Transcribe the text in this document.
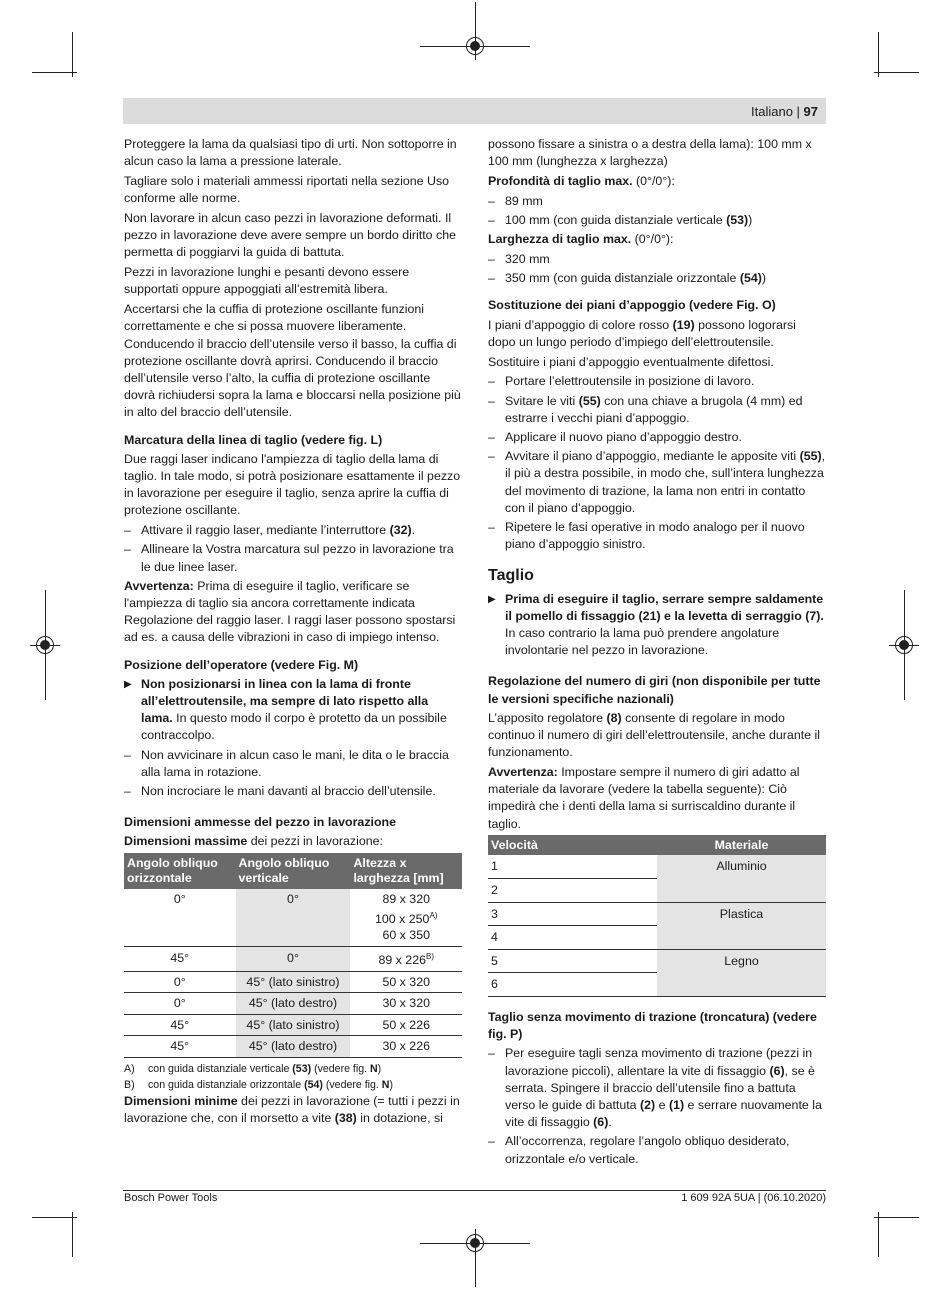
Italiano | 97

Proteggere la lama da qualsiasi tipo di urti. Non sottoporre in alcun caso la lama a pressione laterale.

Tagliare solo i materiali ammessi riportati nella sezione Uso conforme alle norme.

Non lavorare in alcun caso pezzi in lavorazione deformati. Il pezzo in lavorazione deve avere sempre un bordo diritto che permetta di poggiarvi la guida di battuta.

Pezzi in lavorazione lunghi e pesanti devono essere supportati oppure appoggiati all’estremità libera.

Accertarsi che la cuffia di protezione oscillante funzioni correttamente e che si possa muovere liberamente. Conducendo il braccio dell’utensile verso il basso, la cuffia di protezione oscillante dovrà aprirsi. Conducendo il braccio dell’utensile verso l’alto, la cuffia di protezione oscillante dovrà richiudersi sopra la lama e bloccarsi nella posizione più in alto del braccio dell’utensile.

Marcatura della linea di taglio (vedere fig. L)

Due raggi laser indicano l'ampiezza di taglio della lama di taglio. In tale modo, si potrà posizionare esattamente il pezzo in lavorazione per eseguire il taglio, senza aprire la cuffia di protezione oscillante.

– Attivare il raggio laser, mediante l’interruttore (32).
– Allineare la Vostra marcatura sul pezzo in lavorazione tra le due linee laser.

Avvertenza: Prima di eseguire il taglio, verificare se l'ampiezza di taglio sia ancora correttamente indicata Regolazione del raggio laser. I raggi laser possono spostarsi ad es. a causa delle vibrazioni in caso di impiego intenso.

Posizione dell’operatore (vedere Fig. M)

▶ Non posizionarsi in linea con la lama di fronte all’elettroutensile, ma sempre di lato rispetto alla lama. In questo modo il corpo è protetto da un possibile contraccolpo.
– Non avvicinare in alcun caso le mani, le dita o le braccia alla lama in rotazione.
– Non incrociare le mani davanti al braccio dell’utensile.

Dimensioni ammesse del pezzo in lavorazione

Dimensioni massime dei pezzi in lavorazione:

Angolo obliquo orizzontale	Angolo obliquo verticale	Altezza x larghezza [mm]
0°	0°	89 x 320
100 x $250^{A)}$
60 x 350

45°	0°	89 x $226^{B)}$
0°	45° (lato sinistro)	50 x 320
0°	45° (lato destro)	30 x 320
45°	45° (lato sinistro)	50 x 226
45°	45° (lato destro)	30 x 226
A)	con guida distanziale verticale (53) (vedere fig. N)
B)	con guida distanziale orizzontale (54) (vedere fig. N)

Dimensioni minime dei pezzi in lavorazione (= tutti i pezzi in lavorazione che, con il morsetto a vite (38) in dotazione, si

possono fissare a sinistra o a destra della lama): 100 mm x 100 mm (lunghezza x larghezza)

Profondità di taglio max. (0°/0°):

– 89 mm
– 100 mm (con guida distanziale verticale (53))

Larghezza di taglio max. (0°/0°):

– 320 mm
– 350 mm (con guida distanziale orizzontale (54))

Sostituzione dei piani d’appoggio (vedere Fig. O)

I piani d’appoggio di colore rosso (19) possono logorarsi dopo un lungo periodo d’impiego dell’elettroutensile.

Sostituire i piani d’appoggio eventualmente difettosi.

– Portare l’elettroutensile in posizione di lavoro.
– Svitare le viti (55) con una chiave a brugola (4 mm) ed estrarre i vecchi piani d’appoggio.
– Applicare il nuovo piano d’appoggio destro.
– Avvitare il piano d’appoggio, mediante le apposite viti (55), il più a destra possibile, in modo che, sull’intera lunghezza del movimento di trazione, la lama non entri in contatto con il piano d’appoggio.
– Ripetere le fasi operative in modo analogo per il nuovo piano d’appoggio sinistro.

Taglio

▶ Prima di eseguire il taglio, serrare sempre saldamente il pomello di fissaggio (21) e la levetta di serraggio (7). In caso contrario la lama può prendere angolature involontarie nel pezzo in lavorazione.

Regolazione del numero di giri (non disponibile per tutte le versioni specifiche nazionali)

L’apposito regolatore (8) consente di regolare in modo continuo il numero di giri dell’elettroutensile, anche durante il funzionamento.

Avvertenza: Impostare sempre il numero di giri adatto al materiale da lavorare (vedere la tabella seguente): Ciò impedirà che i denti della lama si surriscaldino durante il taglio.

Velocità	Materiale
1	Alluminio
2	
3	Plastica
4	
5	Legno
6	

Taglio senza movimento di trazione (troncatura) (vedere fig. P)

– Per eseguire tagli senza movimento di trazione (pezzi in lavorazione piccoli), allentare la vite di fissaggio (6), se è serrata. Spingere il braccio dell’utensile fino a battuta verso le guide di battuta (2) e (1) e serrare nuovamente la vite di fissaggio (6).
– All’occorrenza, regolare l’angolo obliquo desiderato, orizzontale e/o verticale.
Bosch Power Tools	1 609 92A 5UA | (06.10.2020)
